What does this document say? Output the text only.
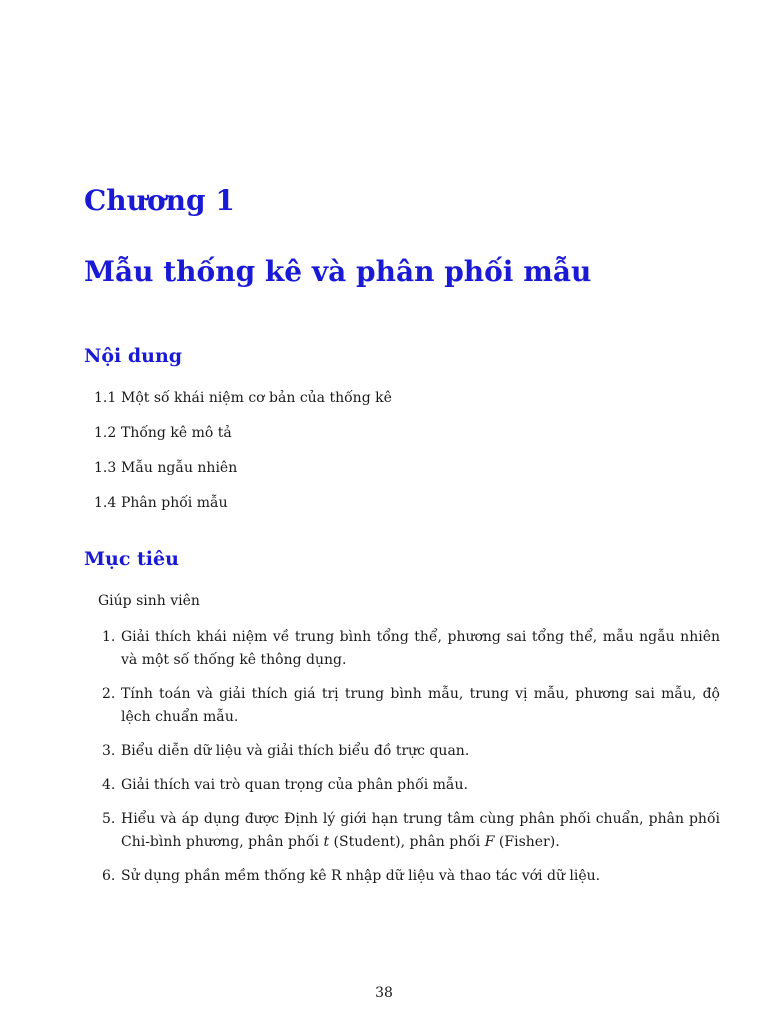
Chương 1
Mẫu thống kê và phân phối mẫu
Nội dung
1.1 Một số khái niệm cơ bản của thống kê
1.2 Thống kê mô tả
1.3 Mẫu ngẫu nhiên
1.4 Phân phối mẫu
Mục tiêu

Giúp sinh viên

1. Giải thích khái niệm về trung bình tổng thể, phương sai tổng thể, mẫu ngẫu nhiên và một số thống kê thông dụng.
2. Tính toán và giải thích giá trị trung bình mẫu, trung vị mẫu, phương sai mẫu, độ lệch chuẩn mẫu.
3. Biểu diễn dữ liệu và giải thích biểu đồ trực quan.
4. Giải thích vai trò quan trọng của phân phối mẫu.
5. Hiểu và áp dụng được Định lý giới hạn trung tâm cùng phân phối chuẩn, phân phối Chi-bình phương, phân phối t (Student), phân phối F (Fisher).
6. Sử dụng phần mềm thống kê R nhập dữ liệu và thao tác với dữ liệu.

38
